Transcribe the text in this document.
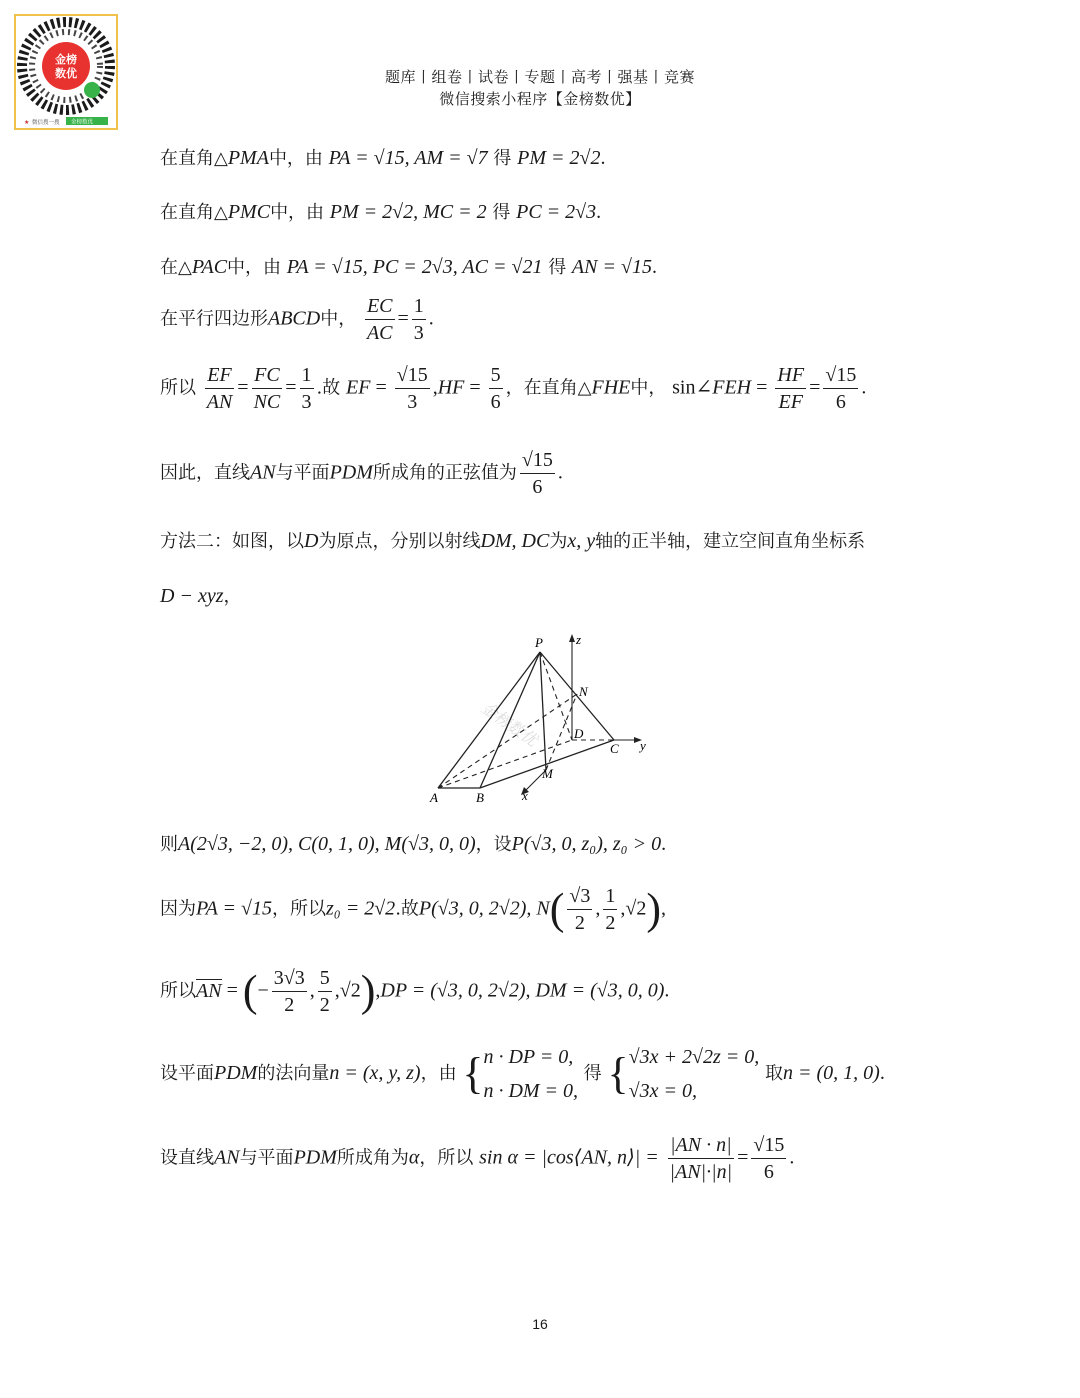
金榜
数优
★ 微信搜一搜 金榜数优
题库丨组卷丨试卷丨专题丨高考丨强基丨竞赛
微信搜索小程序【金榜数优】
在直角△PMA中，由 PA = √15, AM = √7 得 PM = 2√2.
在直角△PMC中，由 PM = 2√2, MC = 2 得 PC = 2√3.
在△PAC中，由 PA = √15, PC = 2√3, AC = √21 得 AN = √15.
在平行四边形ABCD中， $\frac{EC}{AC} = \frac{1}{3}$ .
所以 $\frac{EF}{AN} = \frac{FC}{NC} = \frac{1}{3}$ .故 EF = $\frac{√15}{3} ,HF = \frac{5}{6}$ ，在直角△FHE中， sin∠FEH = $\frac{HF}{EF} = \frac{√15}{6}$ .
因此，直线AN与平面PDM所成角的正弦值为 $\frac{√15}{6}$ .
方法二：如图，以D为原点，分别以射线DM, DC为x, y轴的正半轴，建立空间直角坐标系
D − xyz，
金榜数优
P	z
N
D
C y
M
A	B	x
则A(2√3, −2, 0), C(0, 1, 0), M(√3, 0, 0)，设P(√3, 0, z₀), z₀ > 0.
因为PA = √15，所以z₀ = 2√2.故P(√3, 0, 2√2), $N( \frac{√3}{2}$ , $\frac{1}{2} ,√2$),
所以AN = (− $\frac{3√3}{2}$ , $\frac{5}{2} ,√2),DP = (√3$, 0, 2√2), DM = (√3, 0, 0).
设平面PDM的法向量n = (x, y, z)，由 { n · DP = 0,
n · DM = 0,
得 { √3x + 2√2z = 0,
√3x = 0,
取n = (0, 1, 0).
设直线AN与平面PDM所成角为α，所以 sin α = |cos⟨AN, n⟩| = $\frac{|AN \cdot n|}{|AN|\cdot|n|} = \frac{√15}{6}$ .
16
